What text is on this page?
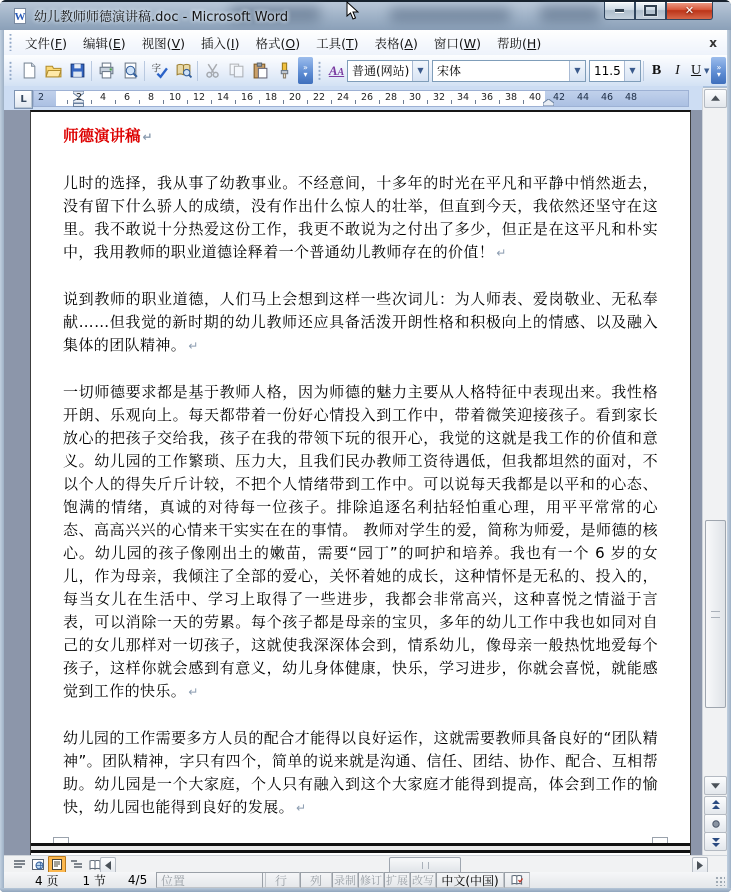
W 幼儿教师师德演讲稿.doc - Microsoft Word	✕
文件(F)	编辑(E)	视图(V)	插入(I)	格式(O)	工具(T)	表格(A)	窗口(W)	帮助(H)	x
字	»
▾ AA 普通(网站)	▼	宋体	▼	11.5	▼	B I U ▼ »
▾
L	2	2 4 6 8 10 12 14 16 18 20 22 24 26 28 30 32 34 36 38 40 42 44 46 48

师德演讲稿 ↵

儿时的选择，我从事了幼教事业。不经意间，十多年的时光在平凡和平静中悄然逝去，没有留下什么骄人的成绩，没有作出什么惊人的壮举，但直到今天，我依然还坚守在这里。我不敢说十分热爱这份工作，我更不敢说为之付出了多少，但正是在这平凡和朴实中，我用教师的职业道德诠释着一个普通幼儿教师存在的价值！ ↵

说到教师的职业道德，人们马上会想到这样一些次词儿：为人师表、爱岗敬业、无私奉献……但我觉的新时期的幼儿教师还应具备活泼开朗性格和积极向上的情感、以及融入集体的团队精神。 ↵

一切师德要求都是基于教师人格，因为师德的魅力主要从人格特征中表现出来。我性格开朗、乐观向上。每天都带着一份好心情投入到工作中，带着微笑迎接孩子。看到家长放心的把孩子交给我，孩子在我的带领下玩的很开心，我觉的这就是我工作的价值和意义。幼儿园的工作繁琐、压力大，且我们民办教师工资待遇低，但我都坦然的面对，不以个人的得失斤斤计较，不把个人情绪带到工作中。可以说每天我都是以平和的心态、饱满的情绪，真诚的对待每一位孩子。排除追逐名利拈轻怕重心理，用平平常常的心态、高高兴兴的心情来干实实在在的事情。 教师对学生的爱，简称为师爱，是师德的核心。幼儿园的孩子像刚出土的嫩苗，需要“园丁”的呵护和培养。我也有一个 6 岁的女儿，作为母亲，我倾注了全部的爱心，关怀着她的成长，这种情怀是无私的、投入的，每当女儿在生活中、学习上取得了一些进步，我都会非常高兴，这种喜悦之情溢于言表，可以消除一天的劳累。每个孩子都是母亲的宝贝，多年的幼儿工作中我也如同对自己的女儿那样对一切孩子，这就使我深深体会到，情系幼儿，像母亲一般热忱地爱每个孩子，这样你就会感到有意义，幼儿身体健康，快乐，学习进步，你就会喜悦，就能感觉到工作的快乐。 ↵

幼儿园的工作需要多方人员的配合才能得以良好运作，这就需要教师具备良好的“团队精神”。团队精神，字只有四个，简单的说来就是沟通、信任、团结、协作、配合、互相帮助。幼儿园是一个大家庭，个人只有融入到这个大家庭才能得到提高，体会到工作的愉快，幼儿园也能得到良好的发展。 ↵

4 页 1 节 4/5 位置	行 列 录制 修订 扩展 改写 中文(中国)
